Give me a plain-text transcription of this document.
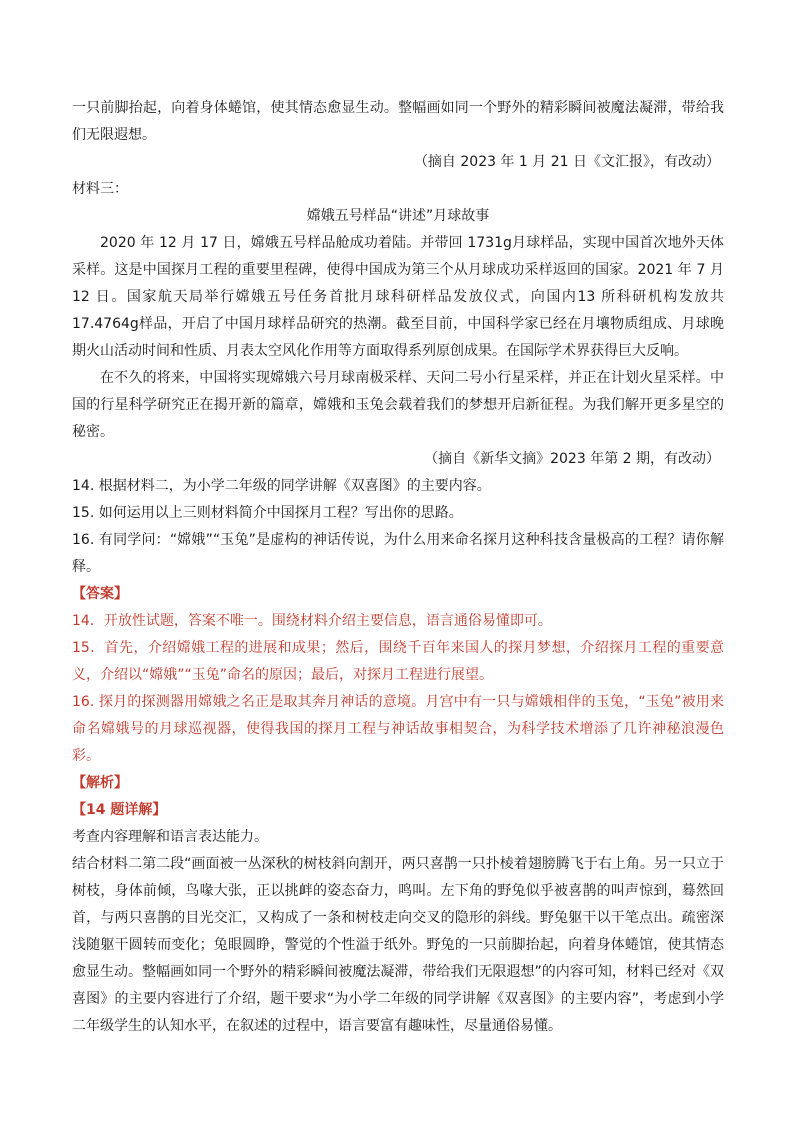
一只前脚抬起，向着身体蜷馆，使其情态愈显生动。整幅画如同一个野外的精彩瞬间被魔法凝滞，带给我们无限遐想。

（摘自 2023 年 1 月 21 日《文汇报》，有改动）

材料三：

嫦娥五号样品“讲述”月球故事

2020 年 12 月 17 日，嫦娥五号样品舱成功着陆。并带回 1731g月球样品，实现中国首次地外天体采样。这是中国探月工程的重要里程碑，使得中国成为第三个从月球成功采样返回的国家。2021 年 7 月 12 日。国家航天局举行嫦娥五号任务首批月球科研样品发放仪式，向国内13 所科研机构发放共 17.4764g样品，开启了中国月球样品研究的热潮。截至目前，中国科学家已经在月壤物质组成、月球晚期火山活动时间和性质、月表太空风化作用等方面取得系列原创成果。在国际学术界获得巨大反响。

在不久的将来，中国将实现嫦娥六号月球南极采样、天问二号小行星采样，并正在计划火星采样。中国的行星科学研究正在揭开新的篇章，嫦娥和玉兔会载着我们的梦想开启新征程。为我们解开更多星空的秘密。

（摘自《新华文摘》2023 年第 2 期，有改动）

14. 根据材料二，为小学二年级的同学讲解《双喜图》的主要内容。

15. 如何运用以上三则材料简介中国探月工程？写出你的思路。

16. 有同学问：“嫦娥”“玉兔”是虚构的神话传说，为什么用来命名探月这种科技含量极高的工程？请你解释。

【答案】

14．开放性试题，答案不唯一。围绕材料介绍主要信息，语言通俗易懂即可。

15．首先，介绍嫦娥工程的进展和成果；然后，围绕千百年来国人的探月梦想，介绍探月工程的重要意义，介绍以“嫦娥”“玉兔”命名的原因；最后，对探月工程进行展望。

16. 探月的探测器用嫦娥之名正是取其奔月神话的意境。月宫中有一只与嫦娥相伴的玉兔，“玉兔”被用来命名嫦娥号的月球巡视器，使得我国的探月工程与神话故事相契合，为科学技术增添了几许神秘浪漫色彩。

【解析】

【14 题详解】

考查内容理解和语言表达能力。

结合材料二第二段“画面被一丛深秋的树枝斜向割开，两只喜鹊一只扑棱着翅膀腾飞于右上角。另一只立于树枝，身体前倾，鸟喙大张，正以挑衅的姿态奋力，鸣叫。左下角的野兔似乎被喜鹊的叫声惊到，蓦然回首，与两只喜鹊的目光交汇，又构成了一条和树枝走向交叉的隐形的斜线。野兔躯干以干笔点出。疏密深浅随躯干圆转而变化；兔眼圆睁，警觉的个性溢于纸外。野兔的一只前脚抬起，向着身体蜷馆，使其情态愈显生动。整幅画如同一个野外的精彩瞬间被魔法凝滞，带给我们无限遐想”的内容可知，材料已经对《双喜图》的主要内容进行了介绍，题干要求“为小学二年级的同学讲解《双喜图》的主要内容”，考虑到小学二年级学生的认知水平，在叙述的过程中，语言要富有趣味性，尽量通俗易懂。
